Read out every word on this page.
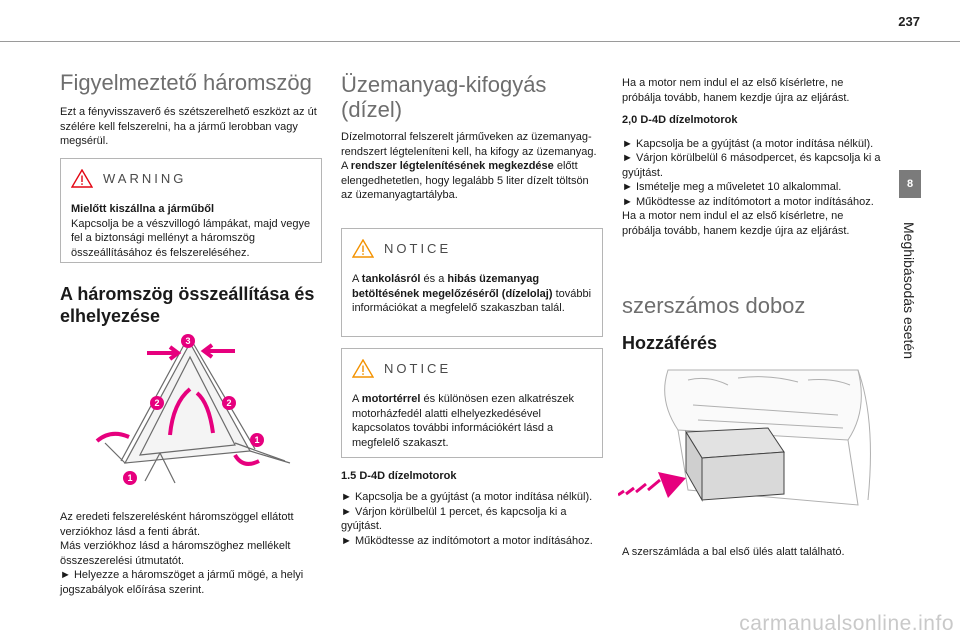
237
8
Meghibásodás esetén
Figyelmeztető háromszög

Ezt a fényvisszaverő és szétszerelhető eszközt az út szélére kell felszerelni, ha a jármű lerobban vagy megsérül.

WARNING

Mielőtt kiszállna a járműből

Kapcsolja be a vészvillogó lámpákat, majd vegye fel a biztonsági mellényt a háromszög összeállításához és felszereléséhez.

A háromszög összeállítása és elhelyezése
3
2	2
1
1

Az eredeti felszerelésként háromszöggel ellátott verziókhoz lásd a fenti ábrát.
Más verziókhoz lásd a háromszöghez mellékelt összeszerelési útmutatót.
► Helyezze a háromszöget a jármű mögé, a helyi jogszabályok előírása szerint.

Üzemanyag-kifogyás (dízel)

Dízelmotorral felszerelt járműveken az üzemanyag-rendszert légteleníteni kell, ha kifogy az üzemanyag.

A rendszer légtelenítésének megkezdése előtt elengedhetetlen, hogy legalább 5 liter dízelt töltsön az üzemanyagtartályba.

NOTICE

A tankolásról és a hibás üzemanyag betöltésének megelőzéséről (dízelolaj) további információkat a megfelelő szakaszban talál.

NOTICE

A motortérrel és különösen ezen alkatrészek motorházfedél alatti elhelyezkedésével kapcsolatos további információkért lásd a megfelelő szakaszt.

1.5 D-4D dízelmotorok

► Kapcsolja be a gyújtást (a motor indítása nélkül).
► Várjon körülbelül 1 percet, és kapcsolja ki a gyújtást.
► Működtesse az indítómotort a motor indításához.

Ha a motor nem indul el az első kísérletre, ne próbálja tovább, hanem kezdje újra az eljárást.

2,0 D-4D dízelmotorok

► Kapcsolja be a gyújtást (a motor indítása nélkül).
► Várjon körülbelül 6 másodpercet, és kapcsolja ki a gyújtást.
► Ismételje meg a műveletet 10 alkalommal.
► Működtesse az indítómotort a motor indításához.
Ha a motor nem indul el az első kísérletre, ne próbálja tovább, hanem kezdje újra az eljárást.

szerszámos doboz
Hozzáférés

A szerszámláda a bal első ülés alatt található.

carmanualsonline.info
